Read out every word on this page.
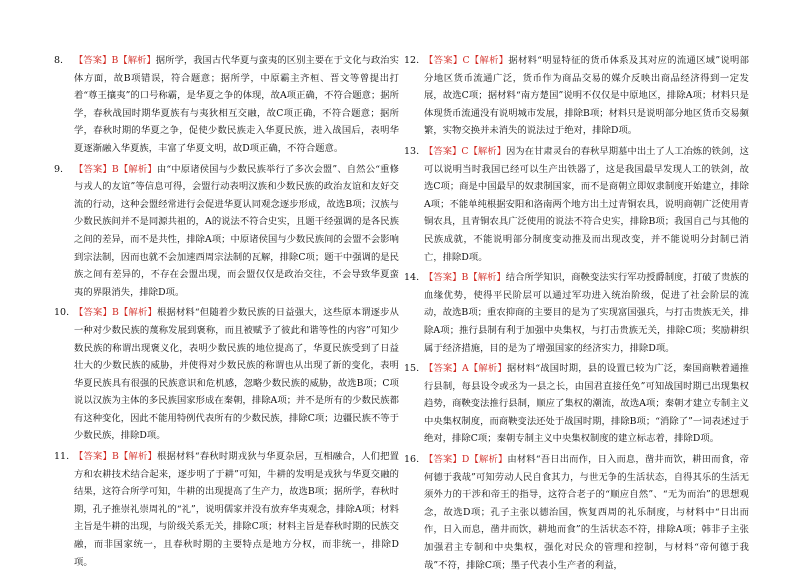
8. 【答案】B【解析】据所学，我国古代华夏与蛮夷的区别主要在于文化与政治实体方面，故B项错误，符合题意；据所学，中原霸主齐桓、晋文等曾提出打着“尊王攘夷”的口号称霸，是华夏之争的体现，故A项正确，不符合题意；据所学，春秋战国时期华夏族有与夷狄相互交融，故C项正确，不符合题意；据所学，春秋时期的华夏之争，促使少数民族走入华夏民族，进入战国后，表明华夏逐渐融入华夏族，丰富了华夏文明，故D项正确，不符合题意。
9. 【答案】B【解析】由“中原诸侯国与少数民族举行了多次会盟”、自然公“重修与戎人的友谊”等信息可得，会盟行动表明汉族和少数民族的政治友谊和友好交流的行动，这种会盟经常进行会促进华夏认同观念逐步形成，故选B项；汉族与少数民族间并不是同源共祖的，A的说法不符合史实，且题干经强调的是各民族之间的差异，而不是共性，排除A项；中原诸侯国与少数民族间的会盟不会影响到宗法制，因而也就不会加速西周宗法制的瓦解，排除C项；题干中强调的是民族之间有差异的，不存在会盟出现，而会盟仅仅是政治交往，不会导致华夏蛮夷的界限消失，排除D项。
10. 【答案】B【解析】根据材料“但随着少数民族的日益强大，这些原本谓逐步从一种对少数民族的蔑称发展到褒称，而且被赋予了彼此和谐等性的内容”可知少数民族的称谓出现褒义化，表明少数民族的地位提高了，华夏民族受到了日益壮大的少数民族的威胁，并使得对少数民族的称谓也从出现了新的变化，表明华夏民族具有很强的民族意识和危机感，忽略少数民族的威胁，故选B项；C项说以汉族为主体的多民族国家形成在秦朝，排除A项；并不是所有的少数民族都有这种变化，因此不能用特例代表所有的少数民族，排除C项；边疆民族不等于少数民族，排除D项。
11. 【答案】B【解析】根据材料“春秋时期戎狄与华夏杂居，互相融合，人们把置方和农耕技术结合起来，逐步明了于耕”可知，牛耕的发明是戎狄与华夏交融的结果，这符合所学可知，牛耕的出现提高了生产力，故选B项；据所学，春秋时期，孔子推崇礼崇周礼的“礼”，说明儒家并没有放弃华夷观念，排除A项；材料主旨是牛耕的出现，与阶级关系无关，排除C项；材料主旨是春秋时期的民族交融，而非国家统一，且春秋时期的主要特点是地方分权，而非统一，排除D项。
12. 【答案】C【解析】据材料“明显特征的货币体系及其对应的流通区域”说明部分地区货币流通广泛，货币作为商品交易的媒介反映出商品经济得到一定发展，故选C项；据材料“南方楚国”说明不仅仅是中原地区，排除A项；材料只是体现货币流通没有说明城市发展，排除B项；材料只是说明部分地区货币交易频繁，实物交换并未消失的说法过于绝对，排除D项。
13. 【答案】C【解析】因为在甘肃灵台的春秋早期墓中出土了人工冶炼的铁剑，这可以说明当时我国已经可以生产出铁器了，这是我国最早发现人工的铁剑，故选C项；商是中国最早的奴隶制国家，而不是商朝立即奴隶制度开始建立，排除A项；不能单纯根据安阳和洛南两个地方出土过青铜农具，说明商朝广泛使用青铜农具，且青铜农具广泛使用的说法不符合史实，排除B项；我国自己与其他的民族成就，不能说明部分制度变动推及而出现改变，并不能说明分封制已消亡，排除D项。
14. 【答案】B【解析】结合所学知识，商鞅变法实行军功授爵制度，打破了贵族的血缘优势，使得平民阶层可以通过军功进入统治阶级，促进了社会阶层的流动，故选B项；重农抑商的主要目的是为了实现富国强兵，与打击贵族无关，排除A项；推行县制有利于加强中央集权，与打击贵族无关，排除C项；奖励耕织属于经济措施，目的是为了增强国家的经济实力，排除D项。
15. 【答案】A【解析】据材料“战国时期，县的设置已较为广泛，秦国商鞅着通推行县制，每县设令或丞为一县之长，由国君直接任免”可知战国时期已出现集权趋势，商鞅变法推行县制，顺应了集权的潮流，故选A项；秦朝才建立专制主义中央集权制度，而商鞅变法还处于战国时期，排除B项；“消除了”一词表述过于绝对，排除C项；秦朝专制主义中央集权制度的建立标志着，排除D项。
16. 【答案】D【解析】由材料“吾日出而作，日入而息，凿井而饮，耕田而食，帝何德于我哉”可知劳动人民自食其力，与世无争的生活状态，自得其乐的生活无须外力的干涉和帝王的指导，这符合老子的“顺应自然”、“无为而治”的思想观念，故选D项；孔子主张以德治国，恢复西周的礼乐制度，与材料中“日出而作，日入而息，凿井而饮，耕地而食”的生活状态不符，排除A项；韩非子主张加强君主专制和中央集权，强化对民众的管理和控制，与材料“帝何德于我哉”不符，排除C项；墨子代表小生产者的利益，
